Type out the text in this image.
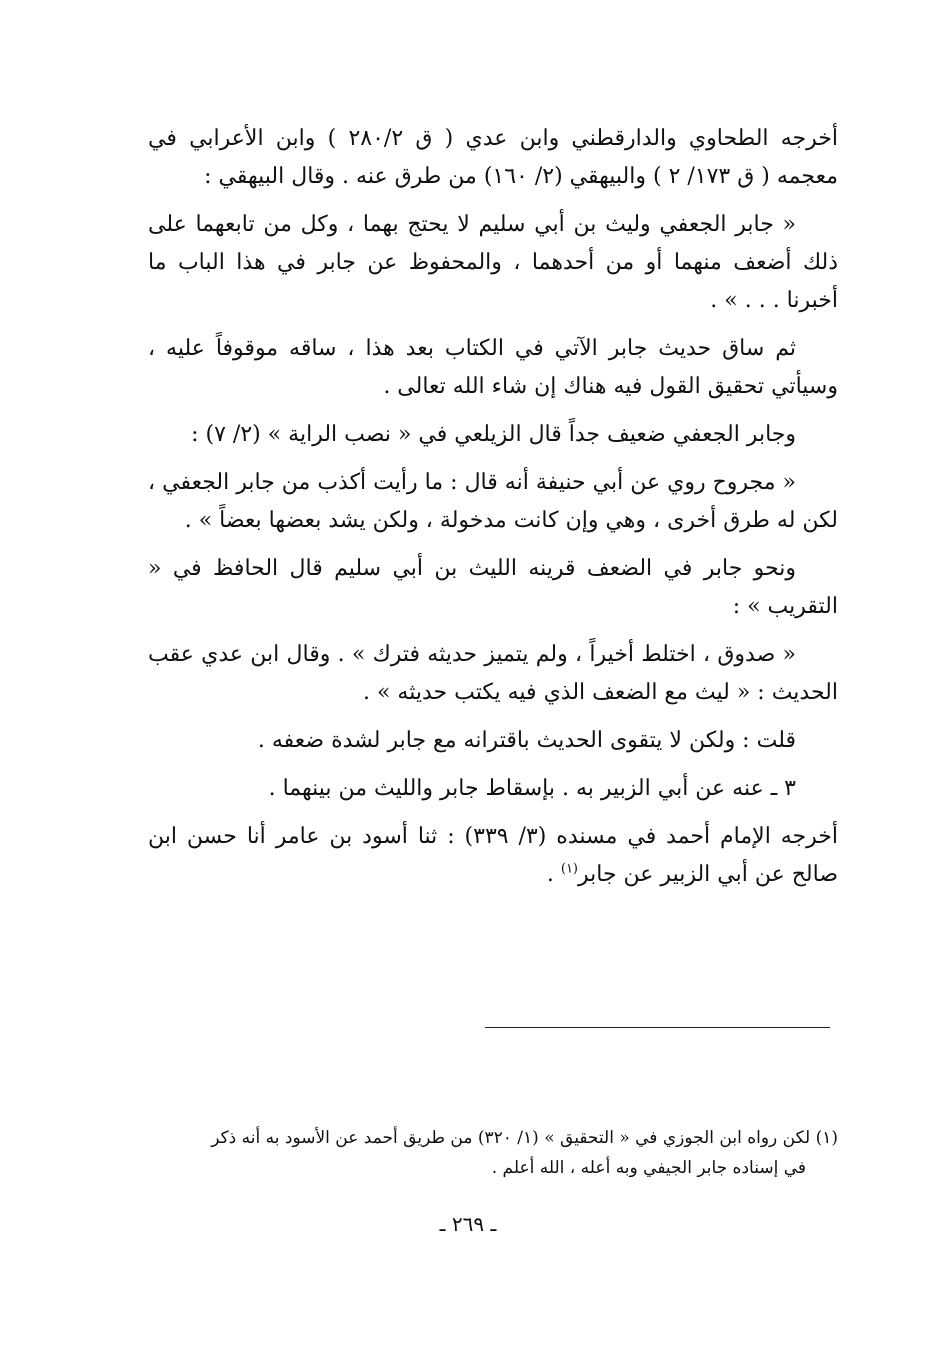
أخرجه الطحاوي والدارقطني وابن عدي ( ق ٢٨٠/٢ ) وابن الأعرابي في معجمه ( ق ١٧٣/ ٢ ) والبيهقي (٢/ ١٦٠) من طرق عنه . وقال البيهقي :

« جابر الجعفي وليث بن أبي سليم لا يحتج بهما ، وكل من تابعهما على ذلك أضعف منهما أو من أحدهما ، والمحفوظ عن جابر في هذا الباب ما أخبرنا . . . » .

ثم ساق حديث جابر الآتي في الكتاب بعد هذا ، ساقه موقوفاً عليه ، وسيأتي تحقيق القول فيه هناك إن شاء الله تعالى .

وجابر الجعفي ضعيف جداً قال الزيلعي في « نصب الراية » (٢/ ٧) :

« مجروح روي عن أبي حنيفة أنه قال : ما رأيت أكذب من جابر الجعفي ، لكن له طرق أخرى ، وهي وإن كانت مدخولة ، ولكن يشد بعضها بعضاً » .

ونحو جابر في الضعف قرينه الليث بن أبي سليم قال الحافظ في « التقريب » :

« صدوق ، اختلط أخيراً ، ولم يتميز حديثه فترك » . وقال ابن عدي عقب الحديث : « ليث مع الضعف الذي فيه يكتب حديثه » .

قلت : ولكن لا يتقوى الحديث باقترانه مع جابر لشدة ضعفه .

٣ ـ عنه عن أبي الزبير به . بإسقاط جابر والليث من بينهما .

أخرجه الإمام أحمد في مسنده (٣/ ٣٣٩) : ثنا أسود بن عامر أنا حسن ابن صالح عن أبي الزبير عن جابر$^{(١)}$ .

(١) لكن رواه ابن الجوزي في « التحقيق » (١/ ٣٢٠) من طريق أحمد عن الأسود به أنه ذكر
في إسناده جابر الجيفي وبه أعله ، الله أعلم .
ـ ٢٦٩ ـ
